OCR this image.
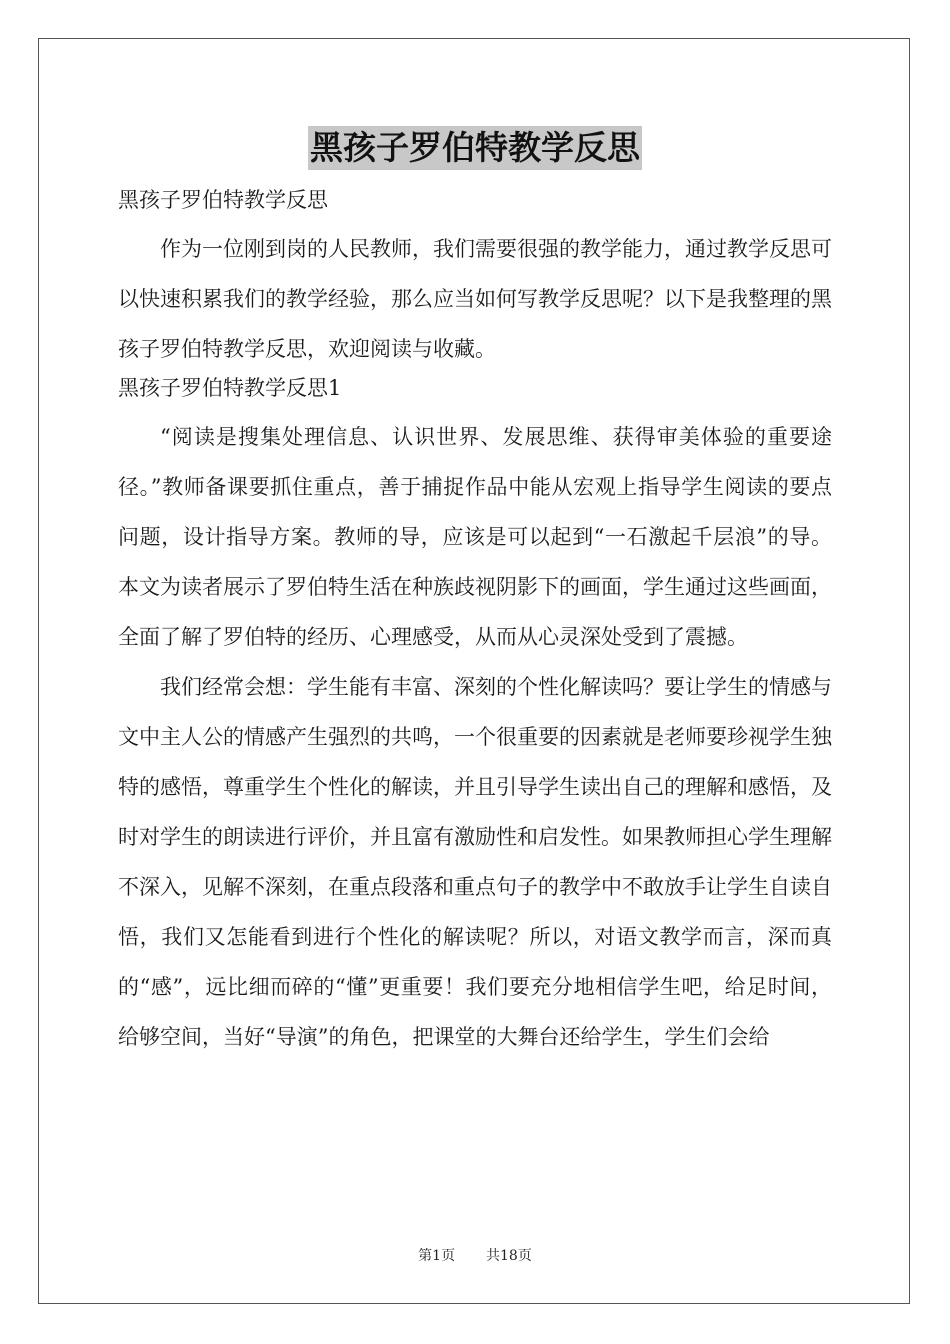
黑孩子罗伯特教学反思
黑孩子罗伯特教学反思

作为一位刚到岗的人民教师，我们需要很强的教学能力，通过教学反思可以快速积累我们的教学经验，那么应当如何写教学反思呢？以下是我整理的黑孩子罗伯特教学反思，欢迎阅读与收藏。

黑孩子罗伯特教学反思1

“阅读是搜集处理信息、认识世界、发展思维、获得审美体验的重要途径。”教师备课要抓住重点，善于捕捉作品中能从宏观上指导学生阅读的要点问题，设计指导方案。教师的导，应该是可以起到“一石激起千层浪”的导。本文为读者展示了罗伯特生活在种族歧视阴影下的画面，学生通过这些画面，全面了解了罗伯特的经历、心理感受，从而从心灵深处受到了震撼。

我们经常会想：学生能有丰富、深刻的个性化解读吗？要让学生的情感与文中主人公的情感产生强烈的共鸣，一个很重要的因素就是老师要珍视学生独特的感悟，尊重学生个性化的解读，并且引导学生读出自己的理解和感悟，及时对学生的朗读进行评价，并且富有激励性和启发性。如果教师担心学生理解不深入，见解不深刻，在重点段落和重点句子的教学中不敢放手让学生自读自悟，我们又怎能看到进行个性化的解读呢？所以，对语文教学而言，深而真的“感”，远比细而碎的“懂”更重要！我们要充分地相信学生吧，给足时间，给够空间，当好“导演”的角色，把课堂的大舞台还给学生，学生们会给

第1页 共18页
